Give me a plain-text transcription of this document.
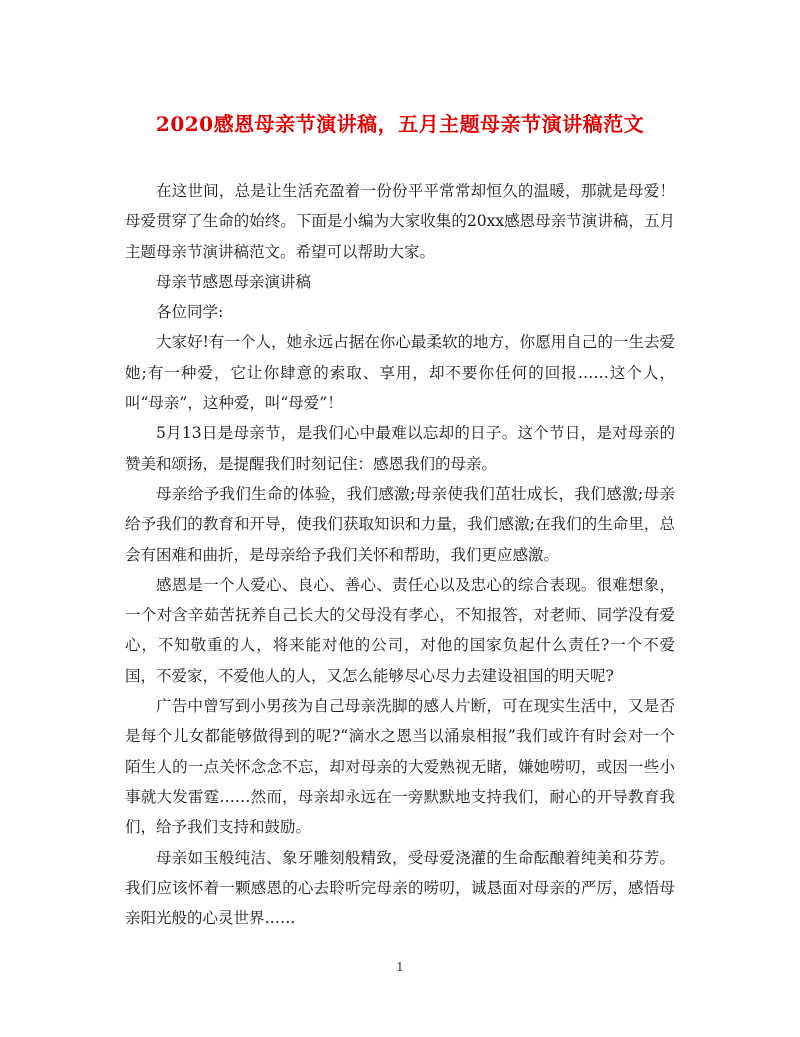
2020感恩母亲节演讲稿，五月主题母亲节演讲稿范文

在这世间，总是让生活充盈着一份份平平常常却恒久的温暖，那就是母爱！母爱贯穿了生命的始终。下面是小编为大家收集的20xx感恩母亲节演讲稿，五月主题母亲节演讲稿范文。希望可以帮助大家。

母亲节感恩母亲演讲稿

各位同学:

大家好!有一个人，她永远占据在你心最柔软的地方，你愿用自己的一生去爱她;有一种爱，它让你肆意的索取、享用，却不要你任何的回报……这个人，叫“母亲”，这种爱，叫“母爱”！

5月13日是母亲节，是我们心中最难以忘却的日子。这个节日，是对母亲的赞美和颂扬，是提醒我们时刻记住：感恩我们的母亲。

母亲给予我们生命的体验，我们感激;母亲使我们茁壮成长，我们感激;母亲给予我们的教育和开导，使我们获取知识和力量，我们感激;在我们的生命里，总会有困难和曲折，是母亲给予我们关怀和帮助，我们更应感激。

感恩是一个人爱心、良心、善心、责任心以及忠心的综合表现。很难想象，一个对含辛茹苦抚养自己长大的父母没有孝心，不知报答，对老师、同学没有爱心，不知敬重的人，将来能对他的公司，对他的国家负起什么责任?一个不爱国，不爱家，不爱他人的人，又怎么能够尽心尽力去建设祖国的明天呢?

广告中曾写到小男孩为自己母亲洗脚的感人片断，可在现实生活中，又是否是每个儿女都能够做得到的呢?“滴水之恩当以涌泉相报”我们或许有时会对一个陌生人的一点关怀念念不忘，却对母亲的大爱熟视无睹，嫌她唠叨，或因一些小事就大发雷霆……然而，母亲却永远在一旁默默地支持我们，耐心的开导教育我们，给予我们支持和鼓励。

母亲如玉般纯洁、象牙雕刻般精致，受母爱浇灌的生命酝酿着纯美和芬芳。我们应该怀着一颗感恩的心去聆听完母亲的唠叨，诚恳面对母亲的严厉，感悟母亲阳光般的心灵世界……

1
